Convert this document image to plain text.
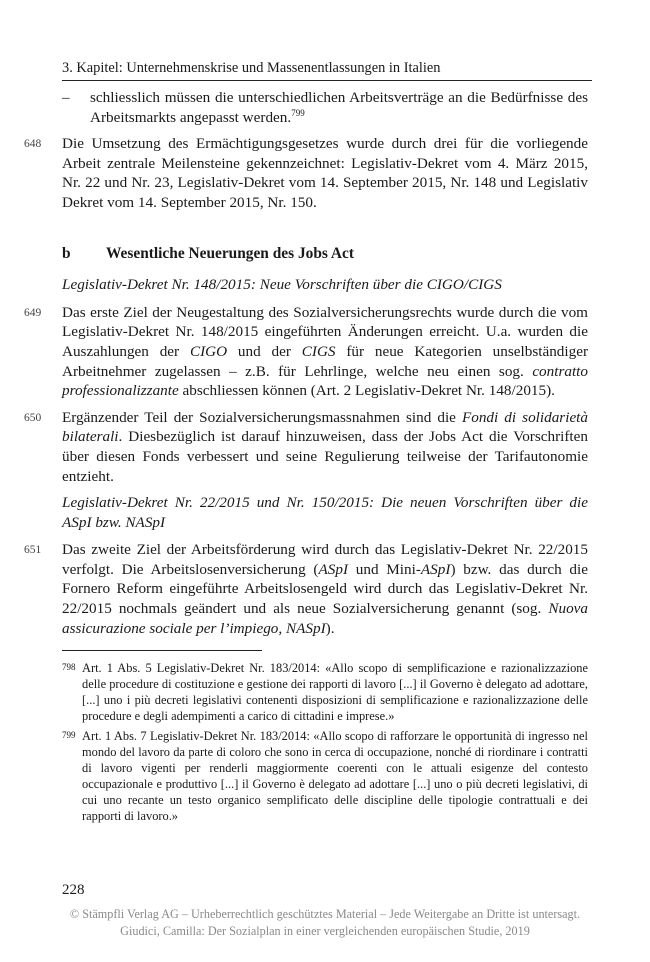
3. Kapitel: Unternehmenskrise und Massenentlassungen in Italien
–	schliesslich müssen die unterschiedlichen Arbeitsverträge an die Bedürfnisse des Arbeitsmarkts angepasst werden.$^{799}$
648 Die Umsetzung des Ermächtigungsgesetzes wurde durch drei für die vorliegende Arbeit zentrale Meilensteine gekennzeichnet: Legislativ-Dekret vom 4. März 2015, Nr. 22 und Nr. 23, Legislativ-Dekret vom 14. September 2015, Nr. 148 und Legislativ Dekret vom 14. September 2015, Nr. 150.
b	Wesentliche Neuerungen des Jobs Act
Legislativ-Dekret Nr. 148/2015: Neue Vorschriften über die CIGO/CIGS
649 Das erste Ziel der Neugestaltung des Sozialversicherungsrechts wurde durch die vom Legislativ-Dekret Nr. 148/2015 eingeführten Änderungen erreicht. U.a. wurden die Auszahlungen der CIGO und der CIGS für neue Kategorien unselbständiger Arbeitnehmer zugelassen – z.B. für Lehrlinge, welche neu einen sog. contratto professionalizzante abschliessen können (Art. 2 Legislativ-Dekret Nr. 148/2015).
650 Ergänzender Teil der Sozialversicherungsmassnahmen sind die Fondi di solidarietà bilaterali. Diesbezüglich ist darauf hinzuweisen, dass der Jobs Act die Vorschriften über diesen Fonds verbessert und seine Regulierung teilweise der Tarifautonomie entzieht.
Legislativ-Dekret Nr. 22/2015 und Nr. 150/2015: Die neuen Vorschriften über die ASpI bzw. NASpI
651 Das zweite Ziel der Arbeitsförderung wird durch das Legislativ-Dekret Nr. 22/2015 verfolgt. Die Arbeitslosenversicherung (ASpI und Mini-ASpI) bzw. das durch die Fornero Reform eingeführte Arbeitslosengeld wird durch das Legislativ-Dekret Nr. 22/2015 nochmals geändert und als neue Sozialversicherung genannt (sog. Nuova assicurazione sociale per l’impiego, NASpI).
798 Art. 1 Abs. 5 Legislativ-Dekret Nr. 183/2014: «Allo scopo di semplificazione e razionalizzazione delle procedure di costituzione e gestione dei rapporti di lavoro [...] il Governo è delegato ad adottare, [...] uno i più decreti legislativi contenenti disposizioni di semplificazione e razionalizzazione delle procedure e degli adempimenti a carico di cittadini e imprese.»
799 Art. 1 Abs. 7 Legislativ-Dekret Nr. 183/2014: «Allo scopo di rafforzare le opportunità di ingresso nel mondo del lavoro da parte di coloro che sono in cerca di occupazione, nonché di riordinare i contratti di lavoro vigenti per renderli maggiormente coerenti con le attuali esigenze del contesto occupazionale e produttivo [...] il Governo è delegato ad adottare [...] uno o più decreti legislativi, di cui uno recante un testo organico semplificato delle discipline delle tipologie contrattuali e dei rapporti di lavoro.»
228
© Stämpfli Verlag AG – Urheberrechtlich geschütztes Material – Jede Weitergabe an Dritte ist untersagt.
Giudici, Camilla: Der Sozialplan in einer vergleichenden europäischen Studie, 2019
